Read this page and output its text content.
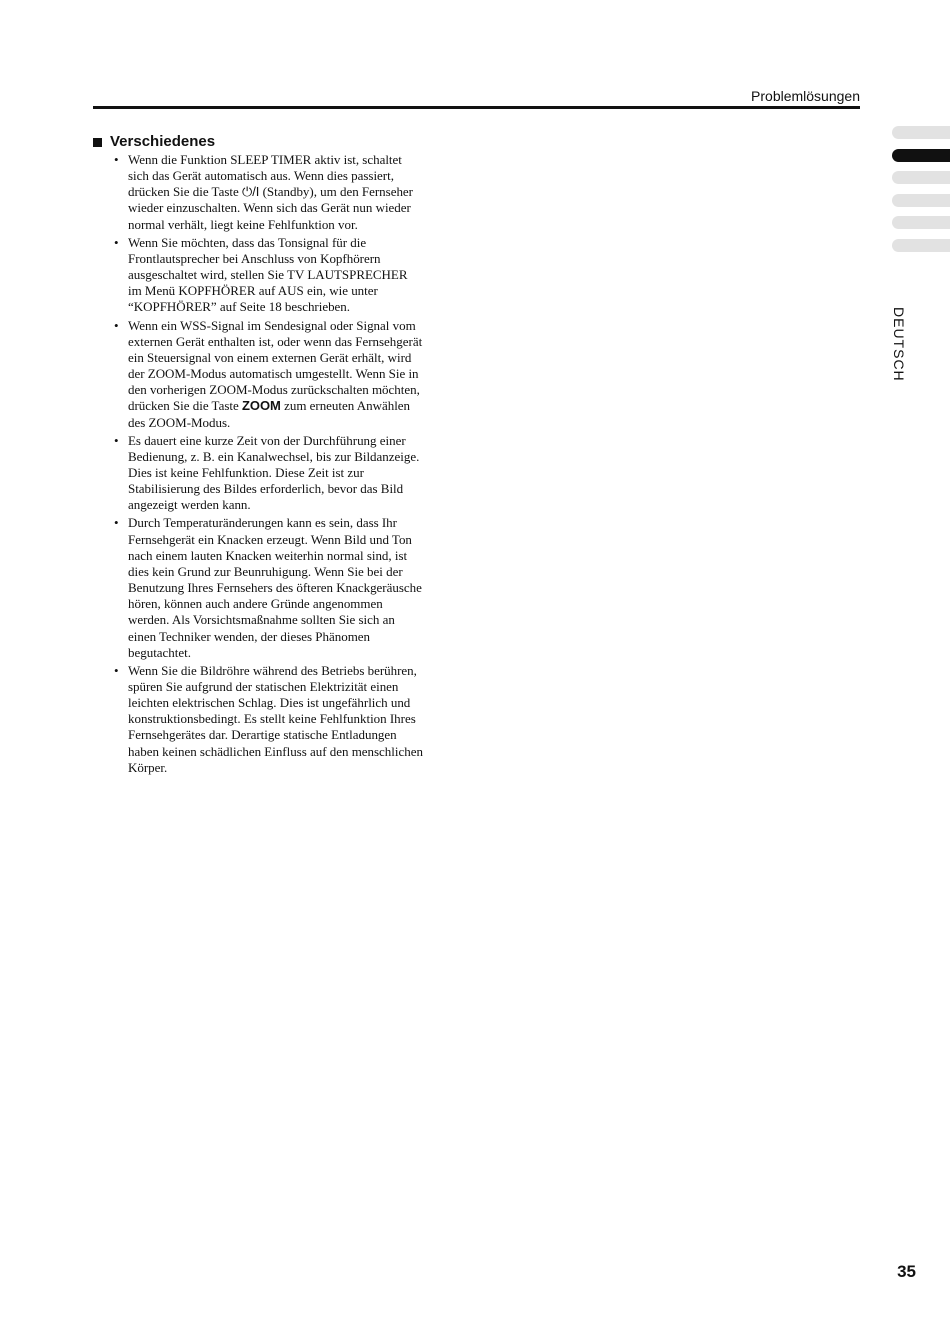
Problemlösungen
Verschiedenes
• Wenn die Funktion SLEEP TIMER aktiv ist, schaltet
sich das Gerät automatisch aus. Wenn dies passiert,
drücken Sie die Taste ⏻/I (Standby), um den Fernseher
wieder einzuschalten. Wenn sich das Gerät nun wieder
normal verhält, liegt keine Fehlfunktion vor.
• Wenn Sie möchten, dass das Tonsignal für die
Frontlautsprecher bei Anschluss von Kopfhörern
ausgeschaltet wird, stellen Sie TV LAUTSPRECHER
im Menü KOPFHÖRER auf AUS ein, wie unter
“KOPFHÖRER” auf Seite 18 beschrieben.
• Wenn ein WSS-Signal im Sendesignal oder Signal vom
externen Gerät enthalten ist, oder wenn das Fernsehgerät
ein Steuersignal von einem externen Gerät erhält, wird
der ZOOM-Modus automatisch umgestellt. Wenn Sie in
den vorherigen ZOOM-Modus zurückschalten möchten,
drücken Sie die Taste ZOOM zum erneuten Anwählen
des ZOOM-Modus.
• Es dauert eine kurze Zeit von der Durchführung einer
Bedienung, z. B. ein Kanalwechsel, bis zur Bildanzeige.
Dies ist keine Fehlfunktion. Diese Zeit ist zur
Stabilisierung des Bildes erforderlich, bevor das Bild
angezeigt werden kann.
• Durch Temperaturänderungen kann es sein, dass Ihr
Fernsehgerät ein Knacken erzeugt. Wenn Bild und Ton
nach einem lauten Knacken weiterhin normal sind, ist
dies kein Grund zur Beunruhigung. Wenn Sie bei der
Benutzung Ihres Fernsehers des öfteren Knackgeräusche
hören, können auch andere Gründe angenommen
werden. Als Vorsichtsmaßnahme sollten Sie sich an
einen Techniker wenden, der dieses Phänomen
begutachtet.
• Wenn Sie die Bildröhre während des Betriebs berühren,
spüren Sie aufgrund der statischen Elektrizität einen
leichten elektrischen Schlag. Dies ist ungefährlich und
konstruktionsbedingt. Es stellt keine Fehlfunktion Ihres
Fernsehgerätes dar. Derartige statische Entladungen
haben keinen schädlichen Einfluss auf den menschlichen
Körper.
DEUTSCH
35
